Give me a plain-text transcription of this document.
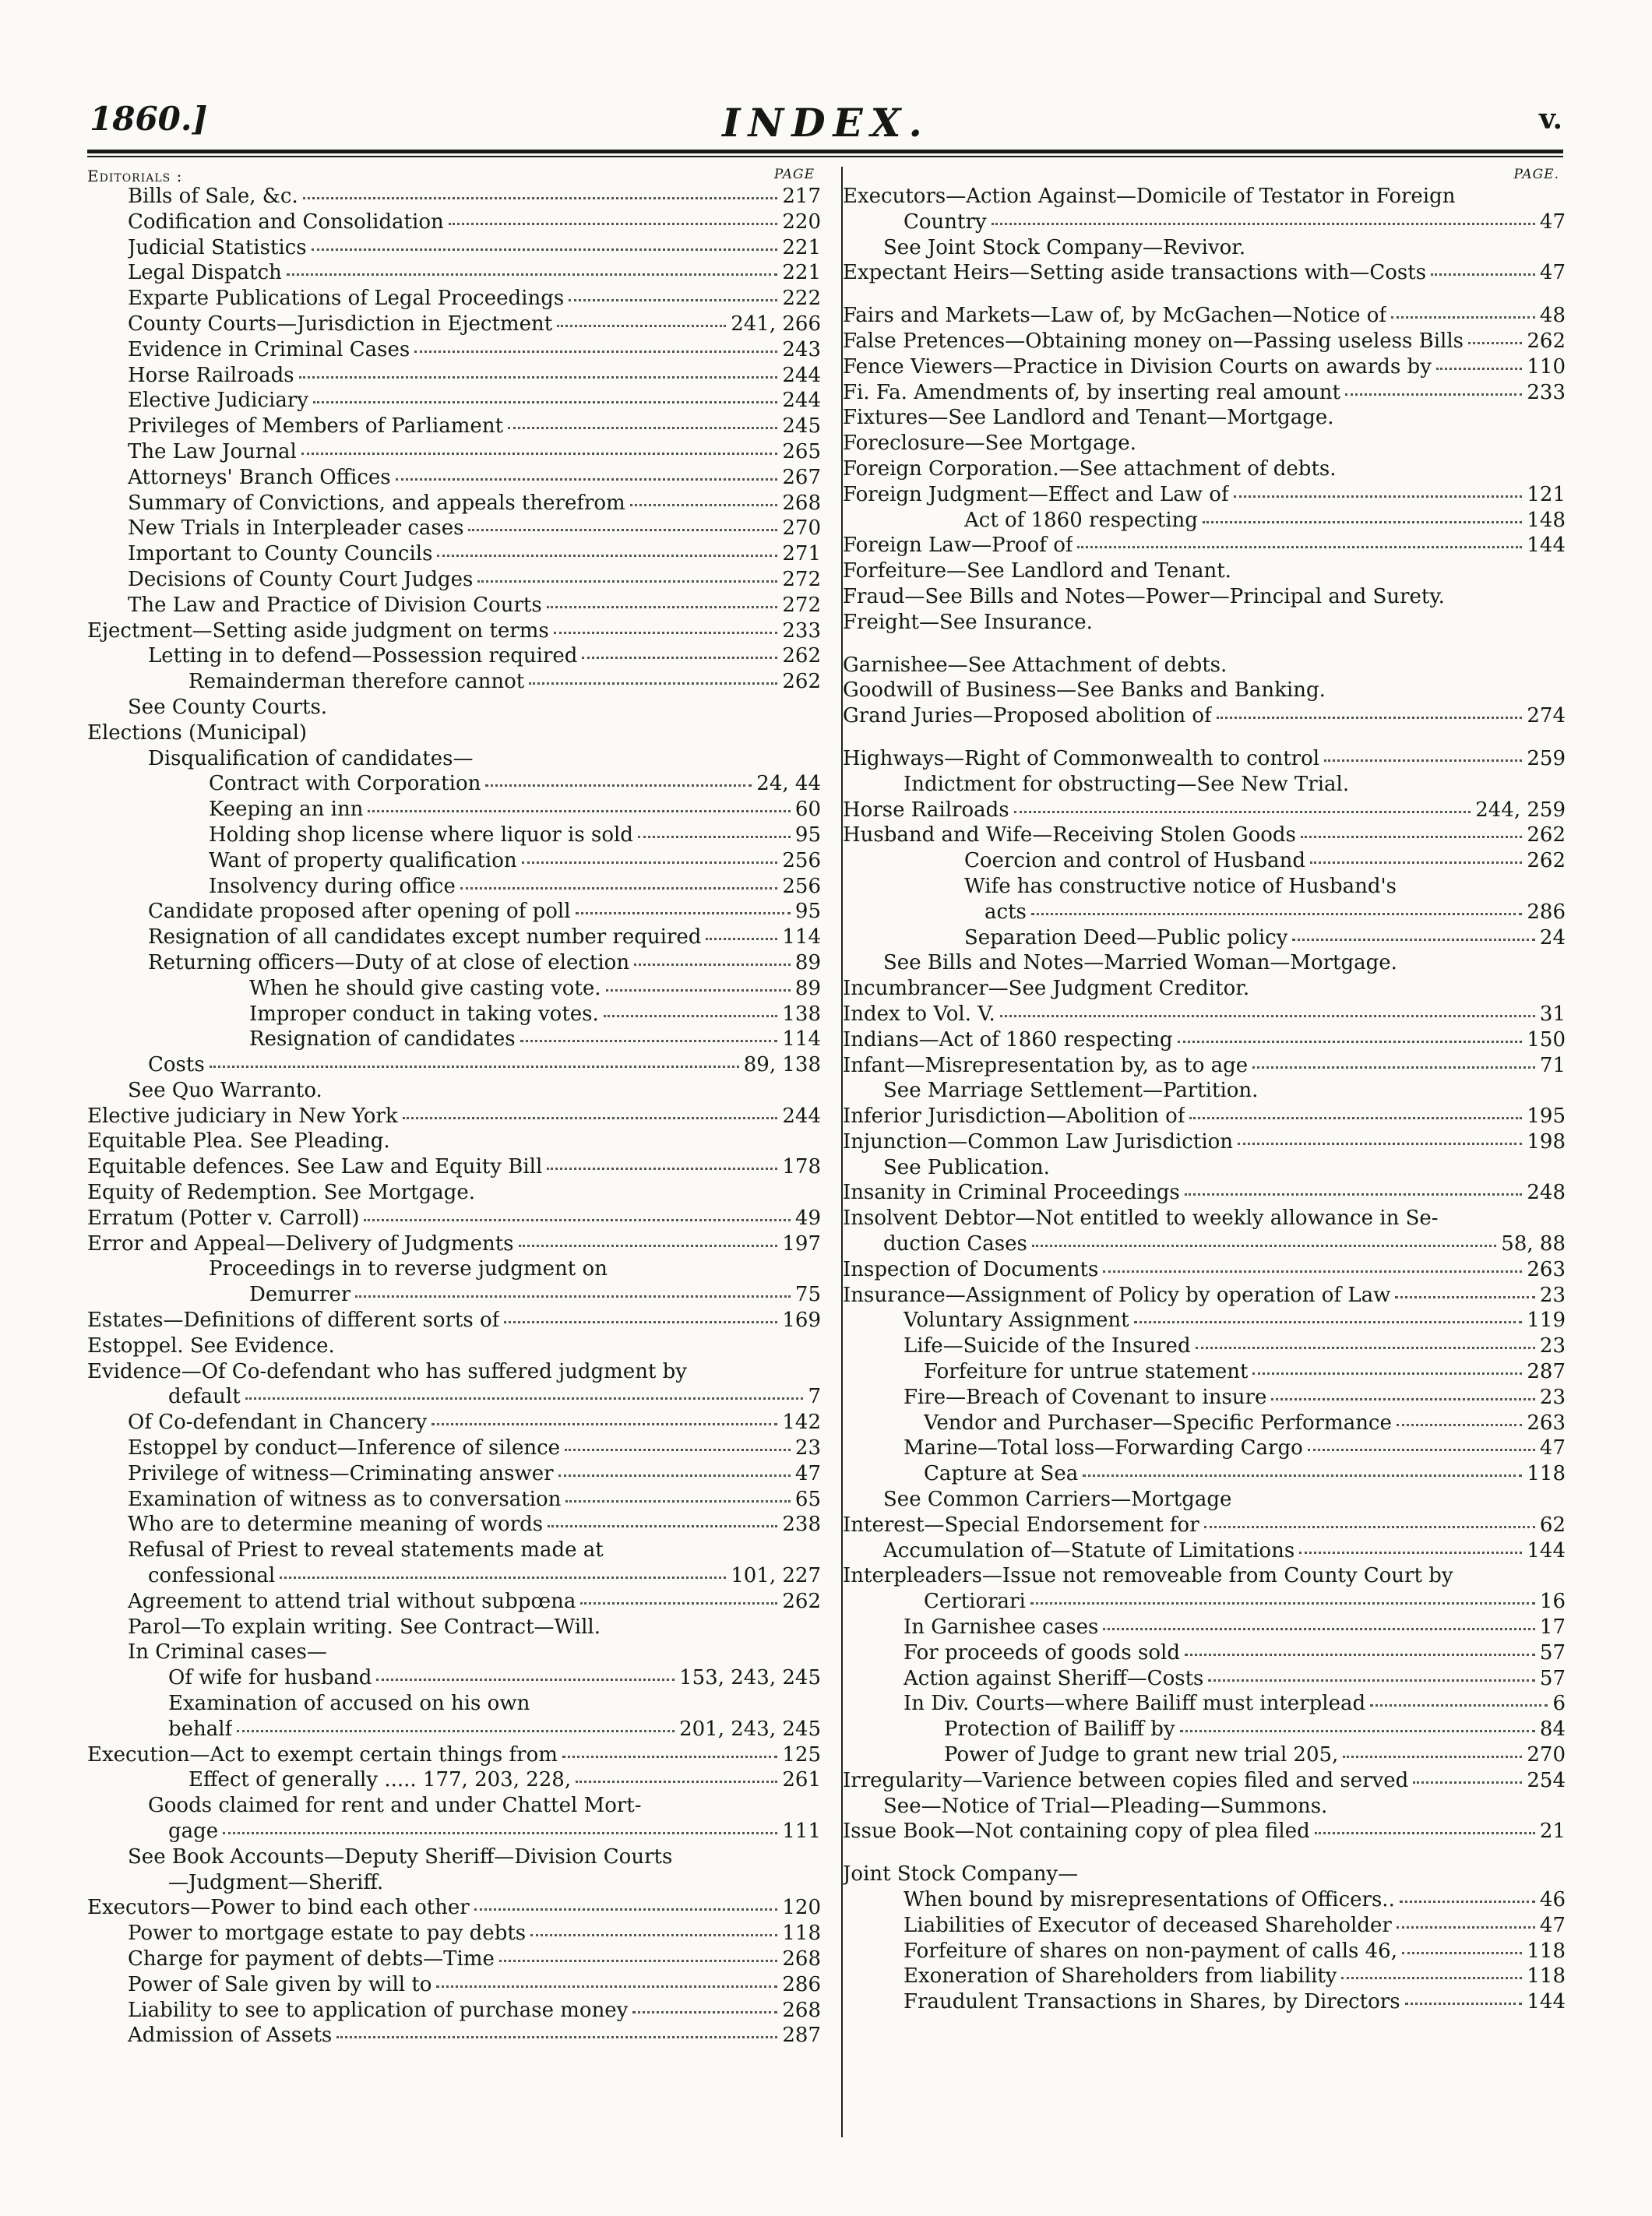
1860.]	INDEX.	v.
Editorials :	PAGE
Bills of Sale, &c.	217
Codification and Consolidation	220
Judicial Statistics	221
Legal Dispatch	221
Exparte Publications of Legal Proceedings	222
County Courts—Jurisdiction in Ejectment	241, 266
Evidence in Criminal Cases	243
Horse Railroads	244
Elective Judiciary	244
Privileges of Members of Parliament	245
The Law Journal	265
Attorneys' Branch Offices	267
Summary of Convictions, and appeals therefrom	268
New Trials in Interpleader cases	270
Important to County Councils	271
Decisions of County Court Judges	272
The Law and Practice of Division Courts	272
Ejectment—Setting aside judgment on terms	233
Letting in to defend—Possession required	262
Remainderman therefore cannot	262
See County Courts.
Elections (Municipal)
Disqualification of candidates—
Contract with Corporation	24, 44
Keeping an inn	60
Holding shop license where liquor is sold	95
Want of property qualification	256
Insolvency during office	256
Candidate proposed after opening of poll	95
Resignation of all candidates except number required	114
Returning officers—Duty of at close of election	89
When he should give casting vote.	89
Improper conduct in taking votes.	138
Resignation of candidates	114
Costs	89, 138
See Quo Warranto.
Elective judiciary in New York	244
Equitable Plea. See Pleading.
Equitable defences. See Law and Equity Bill	178
Equity of Redemption. See Mortgage.
Erratum (Potter v. Carroll)	49
Error and Appeal—Delivery of Judgments	197
Proceedings in to reverse judgment on
Demurrer	75
Estates—Definitions of different sorts of	169
Estoppel. See Evidence.
Evidence—Of Co-defendant who has suffered judgment by
default	7
Of Co-defendant in Chancery	142
Estoppel by conduct—Inference of silence	23
Privilege of witness—Criminating answer	47
Examination of witness as to conversation	65
Who are to determine meaning of words	238
Refusal of Priest to reveal statements made at
confessional	101, 227
Agreement to attend trial without subpœna	262
Parol—To explain writing. See Contract—Will.
In Criminal cases—
Of wife for husband	153, 243, 245
Examination of accused on his own
behalf	201, 243, 245
Execution—Act to exempt certain things from	125
Effect of generally ..... 177, 203, 228,	261
Goods claimed for rent and under Chattel Mort-
gage	111
See Book Accounts—Deputy Sheriff—Division Courts
—Judgment—Sheriff.
Executors—Power to bind each other	120
Power to mortgage estate to pay debts	118
Charge for payment of debts—Time	268
Power of Sale given by will to	286
Liability to see to application of purchase money	268
Admission of Assets	287
PAGE.
Executors—Action Against—Domicile of Testator in Foreign
Country	47
See Joint Stock Company—Revivor.
Expectant Heirs—Setting aside transactions with—Costs	47
Fairs and Markets—Law of, by McGachen—Notice of	48
False Pretences—Obtaining money on—Passing useless Bills	262
Fence Viewers—Practice in Division Courts on awards by	110
Fi. Fa. Amendments of, by inserting real amount	233
Fixtures—See Landlord and Tenant—Mortgage.
Foreclosure—See Mortgage.
Foreign Corporation.—See attachment of debts.
Foreign Judgment—Effect and Law of	121
Act of 1860 respecting	148
Foreign Law—Proof of	144
Forfeiture—See Landlord and Tenant.
Fraud—See Bills and Notes—Power—Principal and Surety.
Freight—See Insurance.
Garnishee—See Attachment of debts.
Goodwill of Business—See Banks and Banking.
Grand Juries—Proposed abolition of	274
Highways—Right of Commonwealth to control	259
Indictment for obstructing—See New Trial.
Horse Railroads	244, 259
Husband and Wife—Receiving Stolen Goods	262
Coercion and control of Husband	262
Wife has constructive notice of Husband's
acts	286
Separation Deed—Public policy	24
See Bills and Notes—Married Woman—Mortgage.
Incumbrancer—See Judgment Creditor.
Index to Vol. V.	31
Indians—Act of 1860 respecting	150
Infant—Misrepresentation by, as to age	71
See Marriage Settlement—Partition.
Inferior Jurisdiction—Abolition of	195
Injunction—Common Law Jurisdiction	198
See Publication.
Insanity in Criminal Proceedings	248
Insolvent Debtor—Not entitled to weekly allowance in Se-
duction Cases	58, 88
Inspection of Documents	263
Insurance—Assignment of Policy by operation of Law	23
Voluntary Assignment	119
Life—Suicide of the Insured	23
Forfeiture for untrue statement	287
Fire—Breach of Covenant to insure	23
Vendor and Purchaser—Specific Performance	263
Marine—Total loss—Forwarding Cargo	47
Capture at Sea	118
See Common Carriers—Mortgage
Interest—Special Endorsement for	62
Accumulation of—Statute of Limitations	144
Interpleaders—Issue not removeable from County Court by
Certiorari	16
In Garnishee cases	17
For proceeds of goods sold	57
Action against Sheriff—Costs	57
In Div. Courts—where Bailiff must interplead	6
Protection of Bailiff by	84
Power of Judge to grant new trial 205,	270
Irregularity—Varience between copies filed and served	254
See—Notice of Trial—Pleading—Summons.
Issue Book—Not containing copy of plea filed	21
Joint Stock Company—
When bound by misrepresentations of Officers..	46
Liabilities of Executor of deceased Shareholder	47
Forfeiture of shares on non-payment of calls 46,	118
Exoneration of Shareholders from liability	118
Fraudulent Transactions in Shares, by Directors	144
